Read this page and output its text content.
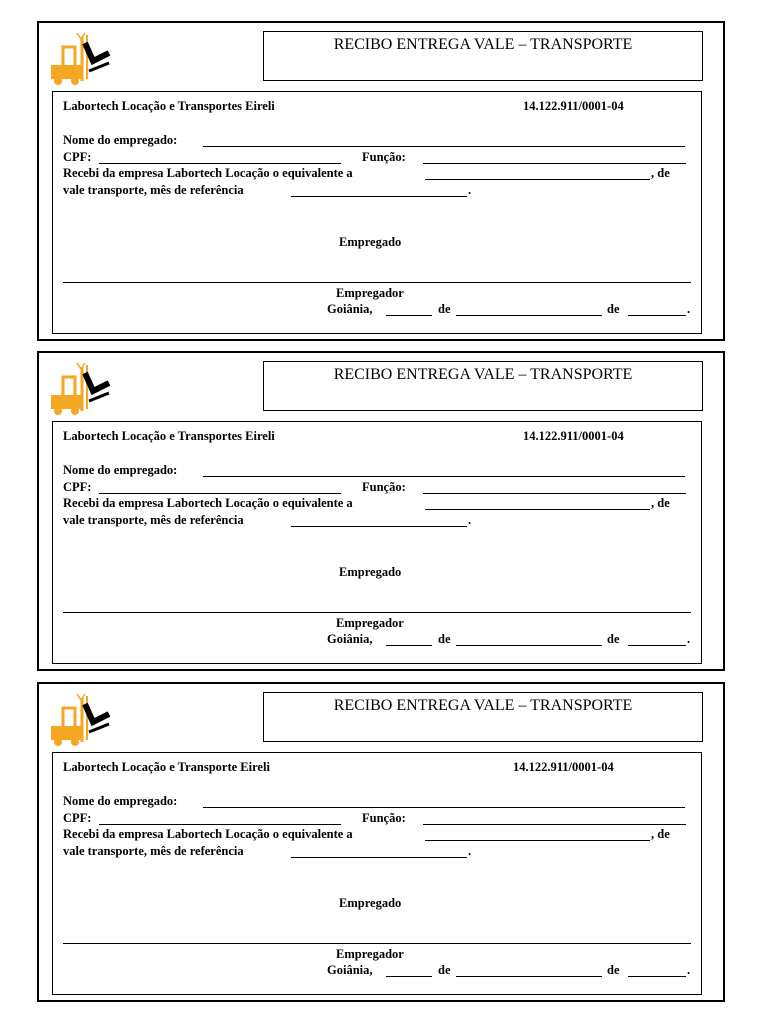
RECIBO ENTREGA VALE – TRANSPORTE
Labortech Locação e Transportes Eireli	14.122.911/0001-04
Nome do empregado:
CPF:	Função:
Recebi da empresa Labortech Locação o equivalente a	, de
vale transporte, mês de referência	.
Empregado
Empregador
Goiânia,	de	de	.
RECIBO ENTREGA VALE – TRANSPORTE
Labortech Locação e Transportes Eireli	14.122.911/0001-04
Nome do empregado:
CPF:	Função:
Recebi da empresa Labortech Locação o equivalente a	, de
vale transporte, mês de referência	.
Empregado
Empregador
Goiânia,	de	de	.
RECIBO ENTREGA VALE – TRANSPORTE
Labortech Locação e Transporte Eireli	14.122.911/0001-04
Nome do empregado:
CPF:	Função:
Recebi da empresa Labortech Locação o equivalente a	, de
vale transporte, mês de referência	.
Empregado
Empregador
Goiânia,	de	de	.
